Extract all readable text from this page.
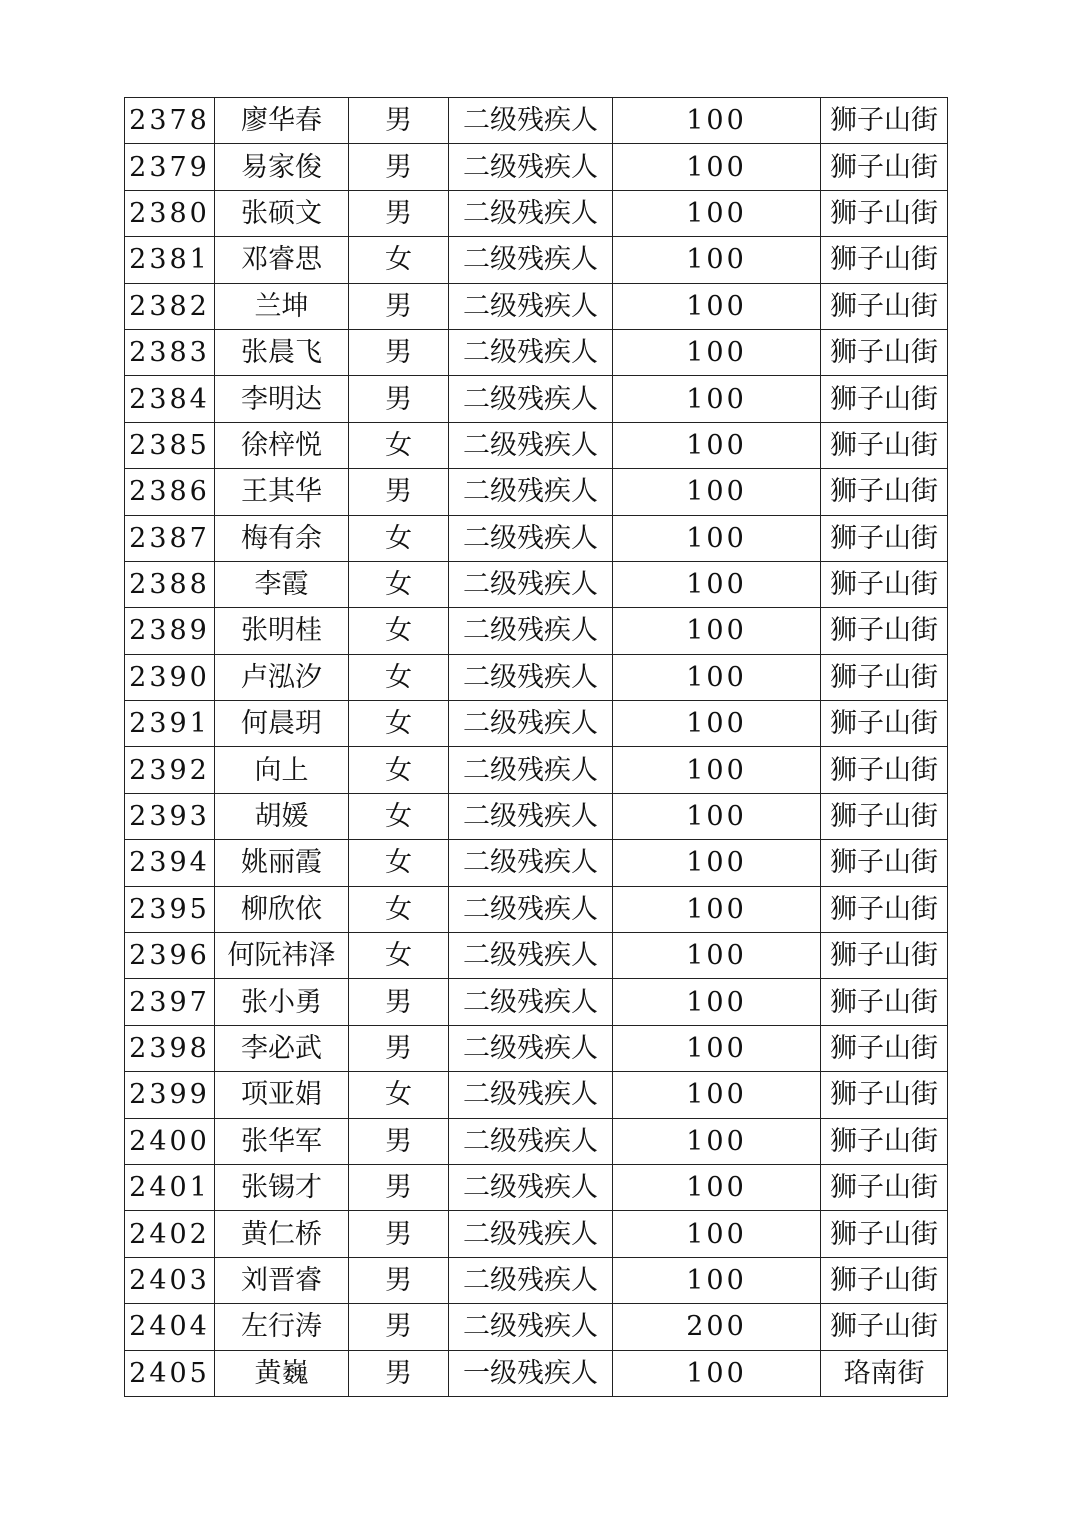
2378	廖华春	男	二级残疾人	100	狮子山街
2379	易家俊	男	二级残疾人	100	狮子山街
2380	张硕文	男	二级残疾人	100	狮子山街
2381	邓睿思	女	二级残疾人	100	狮子山街
2382	兰坤	男	二级残疾人	100	狮子山街
2383	张晨飞	男	二级残疾人	100	狮子山街
2384	李明达	男	二级残疾人	100	狮子山街
2385	徐梓悦	女	二级残疾人	100	狮子山街
2386	王其华	男	二级残疾人	100	狮子山街
2387	梅有余	女	二级残疾人	100	狮子山街
2388	李霞	女	二级残疾人	100	狮子山街
2389	张明桂	女	二级残疾人	100	狮子山街
2390	卢泓汐	女	二级残疾人	100	狮子山街
2391	何晨玥	女	二级残疾人	100	狮子山街
2392	向上	女	二级残疾人	100	狮子山街
2393	胡媛	女	二级残疾人	100	狮子山街
2394	姚丽霞	女	二级残疾人	100	狮子山街
2395	柳欣依	女	二级残疾人	100	狮子山街
2396	何阮祎泽	女	二级残疾人	100	狮子山街
2397	张小勇	男	二级残疾人	100	狮子山街
2398	李必武	男	二级残疾人	100	狮子山街
2399	项亚娟	女	二级残疾人	100	狮子山街
2400	张华军	男	二级残疾人	100	狮子山街
2401	张锡才	男	二级残疾人	100	狮子山街
2402	黄仁桥	男	二级残疾人	100	狮子山街
2403	刘晋睿	男	二级残疾人	100	狮子山街
2404	左行涛	男	二级残疾人	200	狮子山街
2405	黄巍	男	一级残疾人	100	珞南街
